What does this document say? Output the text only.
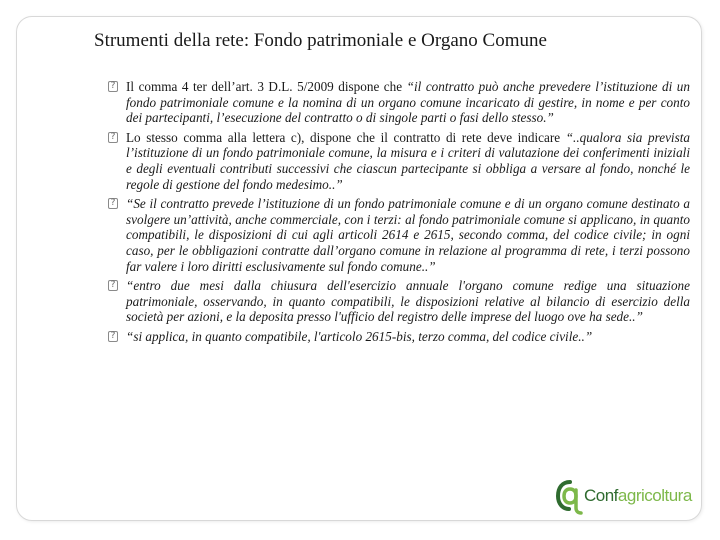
Strumenti della rete: Fondo patrimoniale e Organo Comune
? Il comma 4 ter dell’art. 3 D.L. 5/2009 dispone che “il contratto può anche prevedere l’istituzione di un fondo patrimoniale comune e la nomina di un organo comune incaricato di gestire, in nome e per conto dei partecipanti, l’esecuzione del contratto o di singole parti o fasi dello stesso.”
? Lo stesso comma alla lettera c), dispone che il contratto di rete deve indicare “..qualora sia prevista l’istituzione di un fondo patrimoniale comune, la misura e i criteri di valutazione dei conferimenti iniziali e degli eventuali contributi successivi che ciascun partecipante si obbliga a versare al fondo, nonché le regole di gestione del fondo medesimo..”
? “Se il contratto prevede l’istituzione di un fondo patrimoniale comune e di un organo comune destinato a svolgere un’attività, anche commerciale, con i terzi: al fondo patrimoniale comune si applicano, in quanto compatibili, le disposizioni di cui agli articoli 2614 e 2615, secondo comma, del codice civile; in ogni caso, per le obbligazioni contratte dall’organo comune in relazione al programma di rete, i terzi possono far valere i loro diritti esclusivamente sul fondo comune..”
? “entro due mesi dalla chiusura dell'esercizio annuale l'organo comune redige una situazione patrimoniale, osservando, in quanto compatibili, le disposizioni relative al bilancio di esercizio della società per azioni, e la deposita presso l'ufficio del registro delle imprese del luogo ove ha sede..”
? “si applica, in quanto compatibile, l'articolo 2615-bis, terzo comma, del codice civile..”
Confagricoltura
